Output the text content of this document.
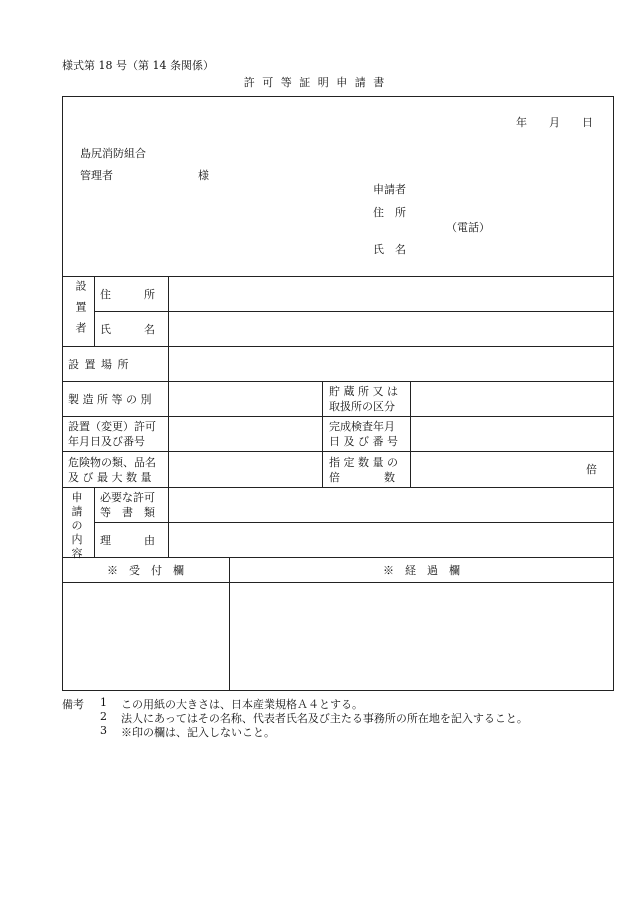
様式第 18 号（第 14 条関係）
許 可 等 証 明 申 請 書
年　　月　　日
島尻消防組合
管理者	様
申請者
住　所
（電話）
氏　名
設置者 住　　　所
氏　　　名
設 置 場 所
製 造 所 等 の 別
貯 蔵 所 又 は
取扱所の区分
設置（変更）許可
年月日及び番号
完成検査年月
日 及 び 番 号
危険物の類、品名
及 び 最 大 数 量
指 定 数 量 の
倍　　　　数
倍
申請の内容
必要な許可
等　書　類
理　　　由
※　受　付　欄	※　経　過　欄
備考 1 この用紙の大きさは、日本産業規格Ａ４とする。
2 法人にあってはその名称、代表者氏名及び主たる事務所の所在地を記入すること。
3 ※印の欄は、記入しないこと。
